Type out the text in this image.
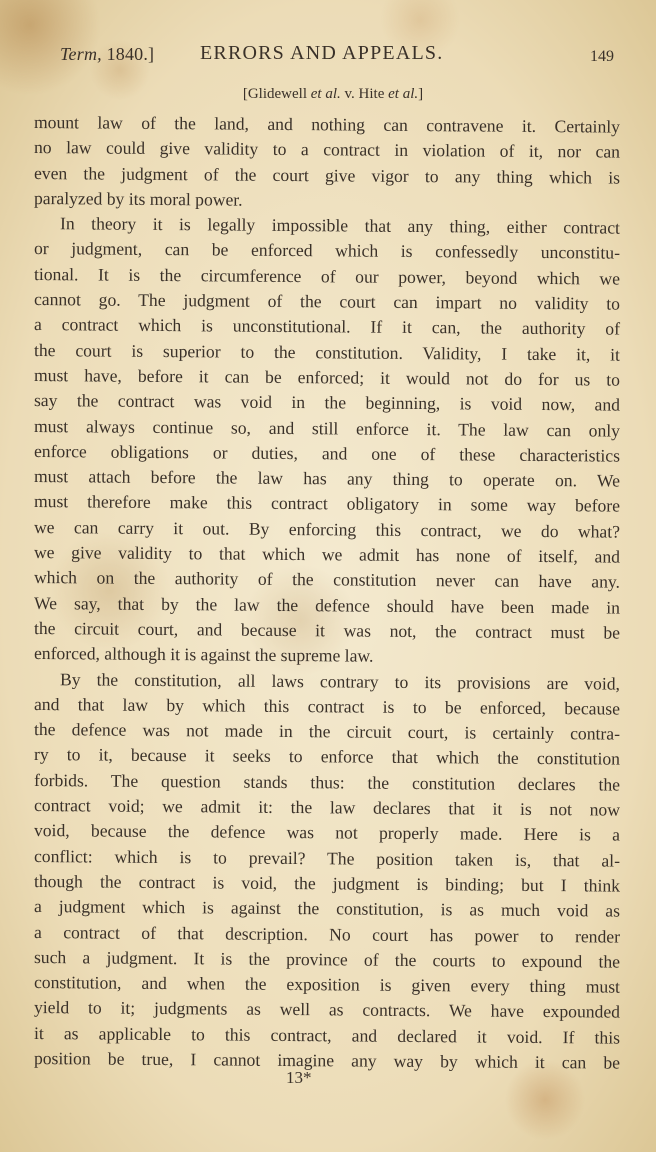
Term, 1840.] ERRORS AND APPEALS.	149
[Glidewell et al. v. Hite et al.]
mount law of the land, and nothing can contravene it. Certainly
no law could give validity to a contract in violation of it, nor can
even the judgment of the court give vigor to any thing which is
paralyzed by its moral power.
In theory it is legally impossible that any thing, either contract
or judgment, can be enforced which is confessedly unconstitu-
tional. It is the circumference of our power, beyond which we
cannot go. The judgment of the court can impart no validity to
a contract which is unconstitutional. If it can, the authority of
the court is superior to the constitution. Validity, I take it, it
must have, before it can be enforced; it would not do for us to
say the contract was void in the beginning, is void now, and
must always continue so, and still enforce it. The law can only
enforce obligations or duties, and one of these characteristics
must attach before the law has any thing to operate on. We
must therefore make this contract obligatory in some way before
we can carry it out. By enforcing this contract, we do what?
we give validity to that which we admit has none of itself, and
which on the authority of the constitution never can have any.
We say, that by the law the defence should have been made in
the circuit court, and because it was not, the contract must be
enforced, although it is against the supreme law.
By the constitution, all laws contrary to its provisions are void,
and that law by which this contract is to be enforced, because
the defence was not made in the circuit court, is certainly contra-
ry to it, because it seeks to enforce that which the constitution
forbids. The question stands thus: the constitution declares the
contract void; we admit it: the law declares that it is not now
void, because the defence was not properly made. Here is a
conflict: which is to prevail? The position taken is, that al-
though the contract is void, the judgment is binding; but I think
a judgment which is against the constitution, is as much void as
a contract of that description. No court has power to render
such a judgment. It is the province of the courts to expound the
constitution, and when the exposition is given every thing must
yield to it; judgments as well as contracts. We have expounded
it as applicable to this contract, and declared it void. If this
position be true, I cannot imagine any way by which it can be
13*
